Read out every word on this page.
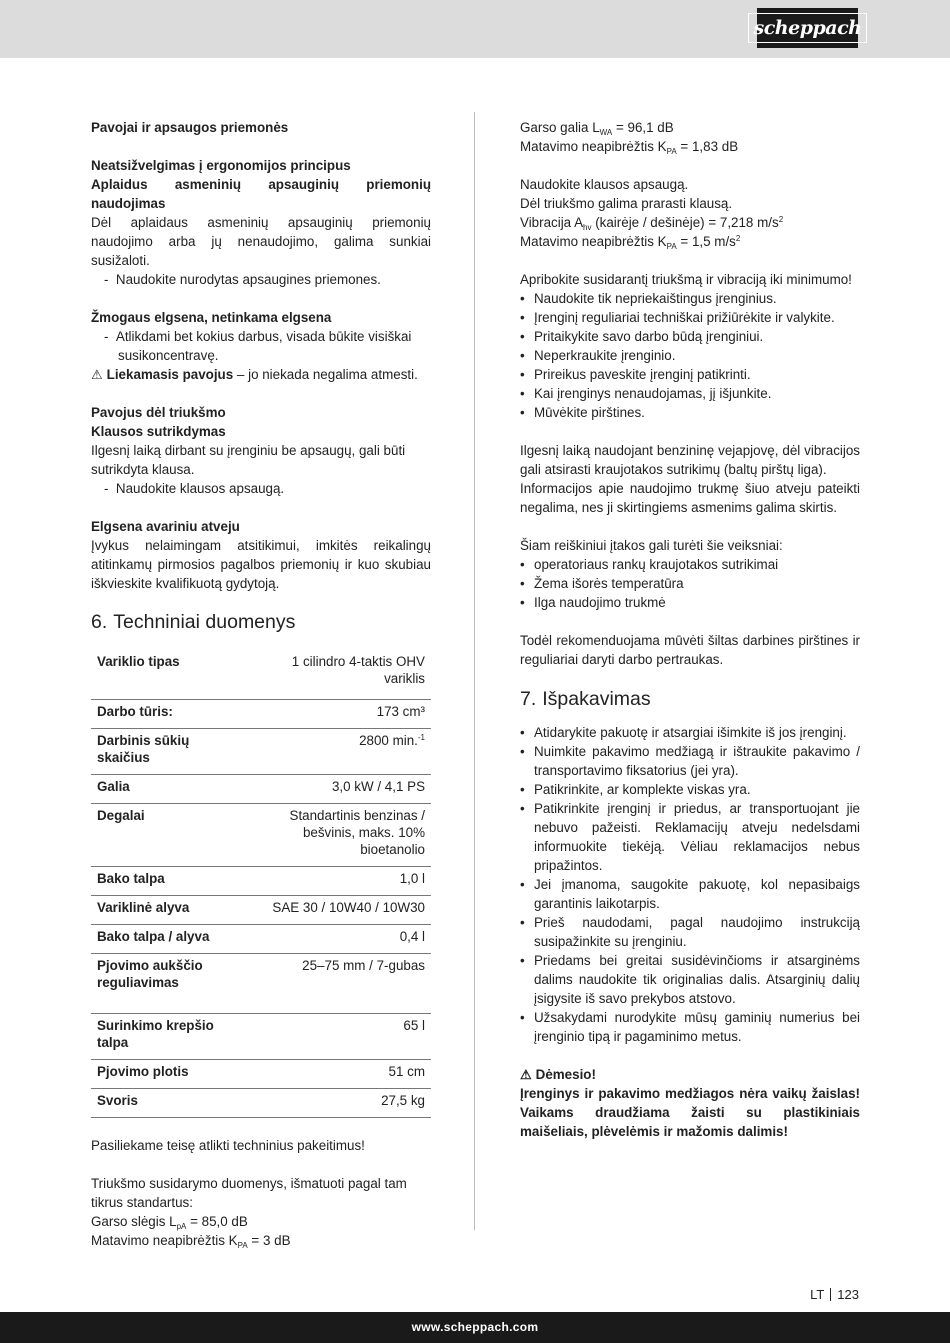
scheppach

Pavojai ir apsaugos priemonės

Neatsižvelgimas į ergonomijos principus

Aplaidus asmeninių apsauginių priemonių naudojimas

Dėl aplaidaus asmeninių apsauginių priemonių naudojimo arba jų nenaudojimo, galima sunkiai susižaloti.

-  Naudokite nurodytas apsaugines priemones.

Žmogaus elgsena, netinkama elgsena

-  Atlikdami bet kokius darbus, visada būkite visiškai susikoncentravę.

⚠ Liekamasis pavojus – jo niekada negalima atmesti.

Pavojus dėl triukšmo

Klausos sutrikdymas

Ilgesnį laiką dirbant su įrenginiu be apsaugų, gali būti sutrikdyta klausa.

-  Naudokite klausos apsaugą.

Elgsena avariniu atveju

Įvykus nelaimingam atsitikimui, imkitės reikalingų atitinkamų pirmosios pagalbos priemonių ir kuo skubiau iškvieskite kvalifikuotą gydytoją.

6. Techniniai duomenys
Variklio tipas	1 cilindro 4-taktis OHV variklis
Darbo tūris:	173 cm³
Darbinis sūkių skaičius	2800 min.$^{-1}$
Galia	3,0 kW / 4,1 PS
Degalai	Standartinis benzinas / bešvinis, maks. 10% bioetanolio
Bako talpa	1,0 l
Variklinė alyva	SAE 30 / 10W40 / 10W30
Bako talpa / alyva	0,4 l
Pjovimo aukščio reguliavimas	25–75 mm / 7-gubas
Surinkimo krepšio talpa	65 l
Pjovimo plotis	51 cm
Svoris	27,5 kg

Pasiliekame teisę atlikti techninius pakeitimus!

Triukšmo susidarymo duomenys, išmatuoti pagal tam tikrus standartus:

Garso slėgis $L_{pA} = 85,0$ dB

Matavimo neapibrėžtis $K_{PA} = 3$ dB

Garso galia $L_{WA} = 96,1$ dB

Matavimo neapibrėžtis $K_{PA} = 1,83$ dB

Naudokite klausos apsaugą.

Dėl triukšmo galima prarasti klausą.

Vibracija $A_{hv}$ (kairėje / dešinėje) = 7,218 $m/s^2$

Matavimo neapibrėžtis $K_{PA} = 1,5$ $m/s^2$

Apribokite susidarantį triukšmą ir vibraciją iki minimumo!

• Naudokite tik nepriekaištingus įrenginius.

• Įrenginį reguliariai techniškai prižiūrėkite ir valykite.

• Pritaikykite savo darbo būdą įrenginiui.

• Neperkraukite įrenginio.

• Prireikus paveskite įrenginį patikrinti.

• Kai įrenginys nenaudojamas, jį išjunkite.

• Mūvėkite pirštines.

Ilgesnį laiką naudojant benzininę vejapjovę, dėl vibracijos gali atsirasti kraujotakos sutrikimų (baltų pirštų liga).

Informacijos apie naudojimo trukmę šiuo atveju pateikti negalima, nes ji skirtingiems asmenims galima skirtis.

Šiam reiškiniui įtakos gali turėti šie veiksniai:

• operatoriaus rankų kraujotakos sutrikimai

• Žema išorės temperatūra

• Ilga naudojimo trukmė

Todėl rekomenduojama mūvėti šiltas darbines pirštines ir reguliariai daryti darbo pertraukas.

7. Išpakavimas

• Atidarykite pakuotę ir atsargiai išimkite iš jos įrenginį.

• Nuimkite pakavimo medžiagą ir ištraukite pakavimo / transportavimo fiksatorius (jei yra).

• Patikrinkite, ar komplekte viskas yra.

• Patikrinkite įrenginį ir priedus, ar transportuojant jie nebuvo pažeisti. Reklamacijų atveju nedelsdami informuokite tiekėją. Vėliau reklamacijos nebus pripažintos.

• Jei įmanoma, saugokite pakuotę, kol nepasibaigs garantinis laikotarpis.

• Prieš naudodami, pagal naudojimo instrukciją susipažinkite su įrenginiu.

• Priedams bei greitai susidėvinčioms ir atsarginėms dalims naudokite tik originalias dalis. Atsarginių dalių įsigysite iš savo prekybos atstovo.

• Užsakydami nurodykite mūsų gaminių numerius bei įrenginio tipą ir pagaminimo metus.

⚠ Dėmesio!

Įrenginys ir pakavimo medžiagos nėra vaikų žaislas! Vaikams draudžiama žaisti su plastikiniais maišeliais, plėvelėmis ir mažomis dalimis!

LT 123
www.scheppach.com
